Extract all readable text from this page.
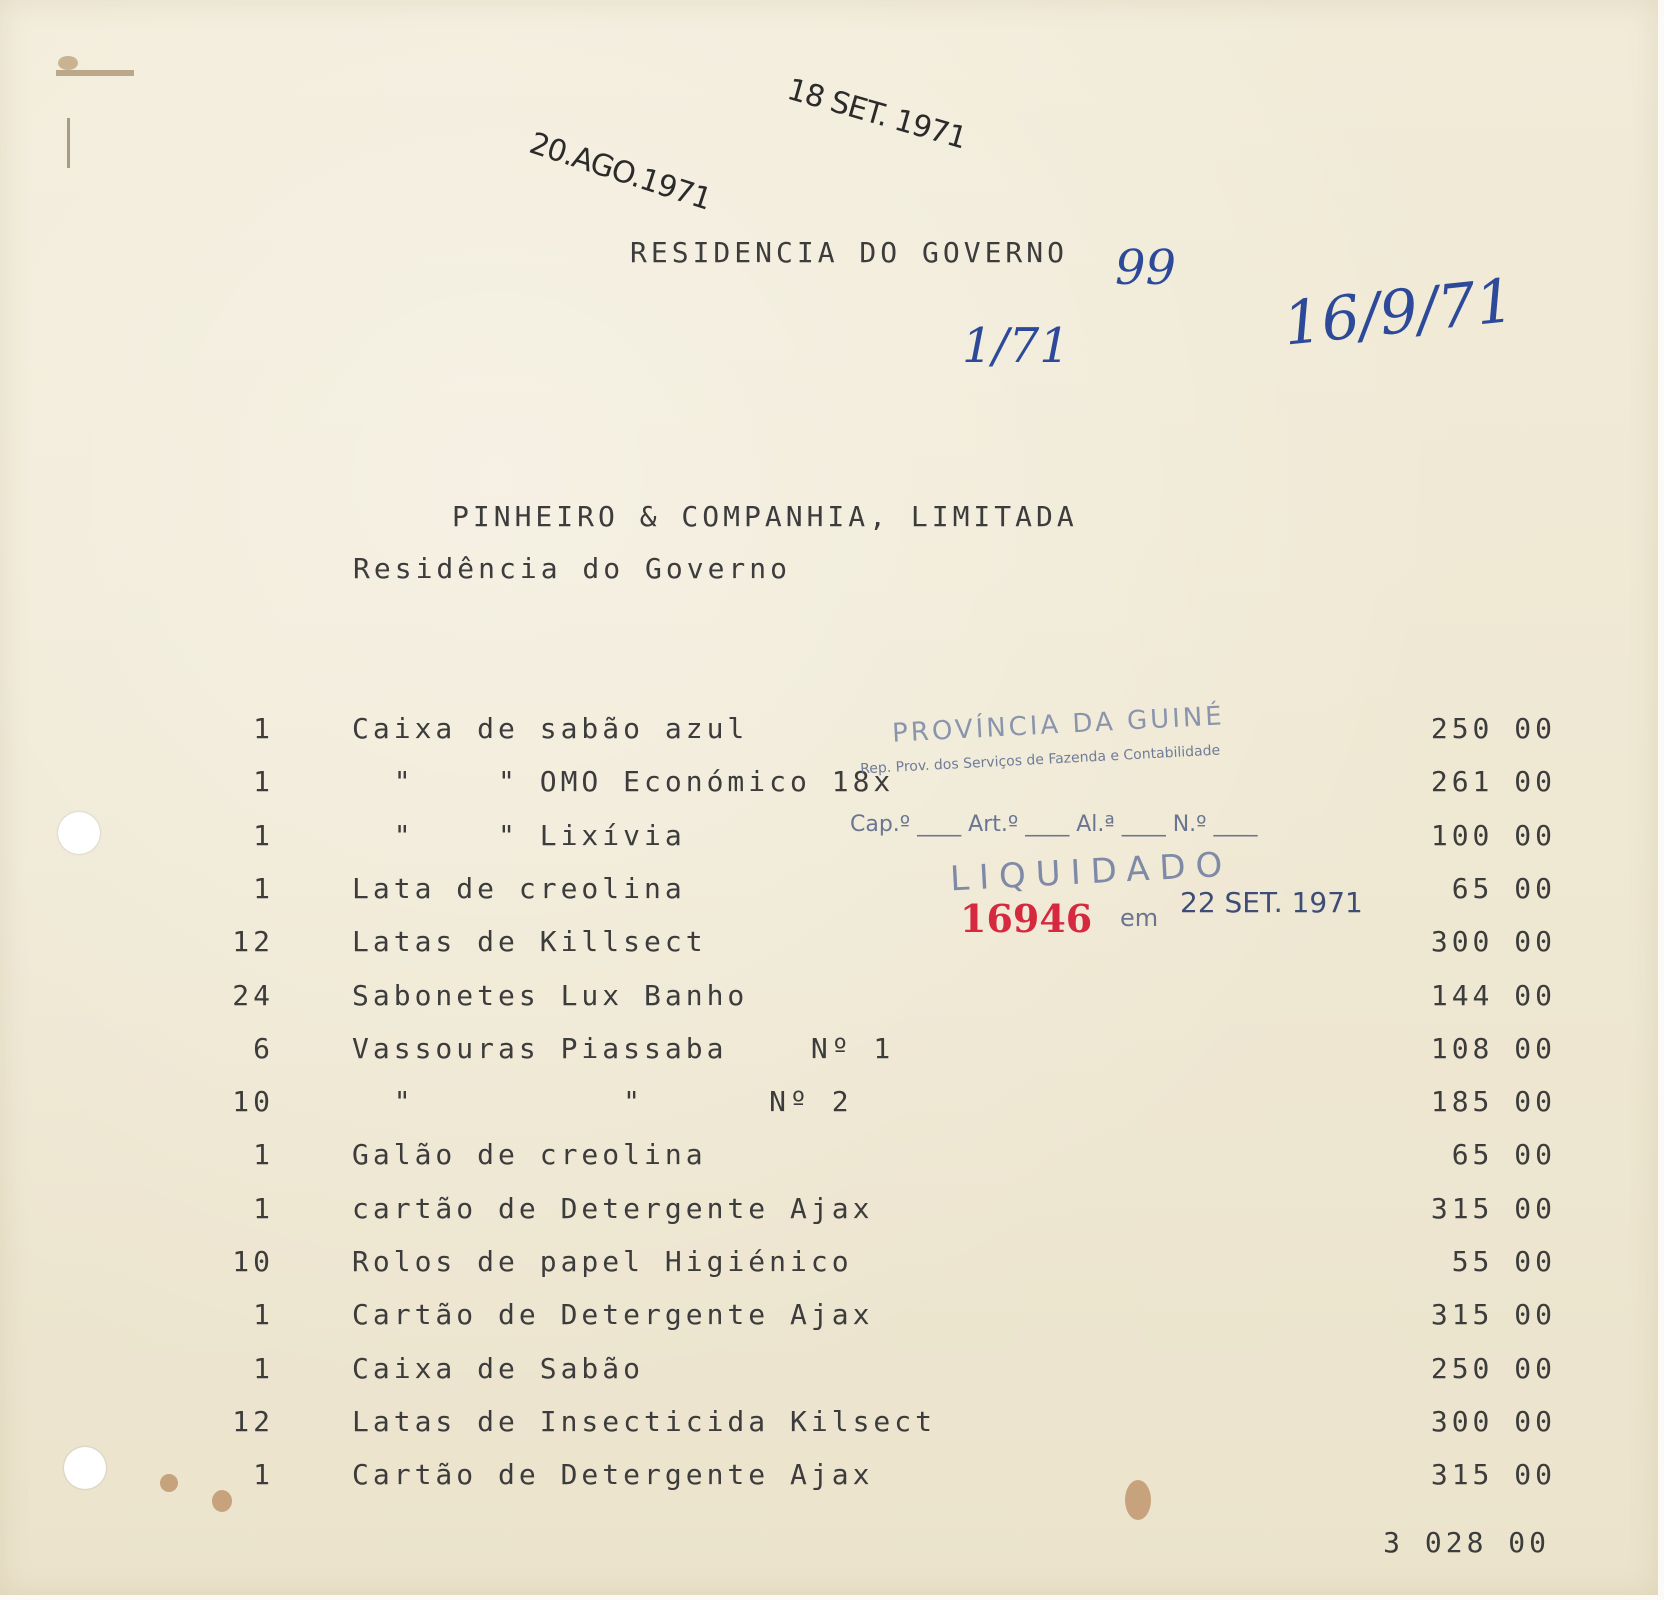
18 SET. 1971
20.AGO.1971
RESIDENCIA DO GOVERNO 99
1/71	16/9/71
PINHEIRO & COMPANHIA, LIMITADA
Residência do Governo
1	Caixa de sabão azul	250 00
1	"    " OMO Económico 18x	261 00
1	"    " Lixívia	100 00
1	Lata de creolina	65 00
12	Latas de Killsect	300 00
24	Sabonetes Lux Banho	144 00
6	Vassouras Piassaba    Nº 1	108 00
10	"          "      Nº 2	185 00
1	Galão de creolina	65 00
1	cartão de Detergente Ajax	315 00
10	Rolos de papel Higiénico	55 00
1	Cartão de Detergente Ajax	315 00
1	Caixa de Sabão	250 00
12	Latas de Insecticida Kilsect	300 00
1	Cartão de Detergente Ajax	315 00
3 028 00
PROVÍNCIA DA GUINÉ
Rep. Prov. dos Serviços de Fazenda e Contabilidade
Cap.º ____ Art.º ____ Al.ª ____ N.º ____
LIQUIDADO
16946 em 22 SET. 1971
